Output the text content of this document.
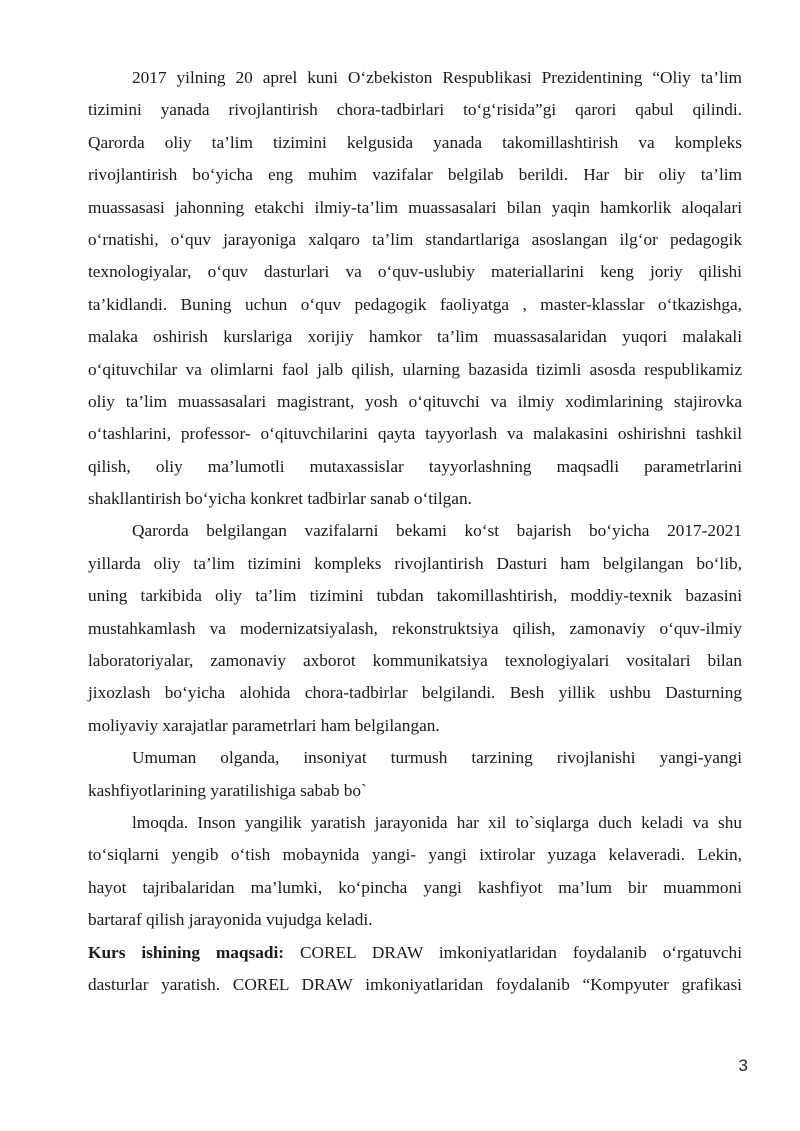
2017 yilning 20 aprel kuni O‘zbekiston Respublikasi Prezidentining “Oliy ta’lim
tizimini yanada rivojlantirish chora-tadbirlari to‘g‘risida”gi qarori qabul qilindi.
Qarorda oliy ta’lim tizimini kelgusida yanada takomillashtirish va kompleks
rivojlantirish bo‘yicha eng muhim vazifalar belgilab berildi. Har bir oliy ta’lim
muassasasi jahonning etakchi ilmiy-ta’lim muassasalari bilan yaqin hamkorlik aloqalari
o‘rnatishi, o‘quv jarayoniga xalqaro ta’lim standartlariga asoslangan ilg‘or pedagogik
texnologiyalar, o‘quv dasturlari va o‘quv-uslubiy materiallarini keng joriy qilishi
ta’kidlandi. Buning uchun o‘quv pedagogik faoliyatga , master-klasslar o‘tkazishga,
malaka oshirish kurslariga xorijiy hamkor ta’lim muassasalaridan yuqori malakali
o‘qituvchilar va olimlarni faol jalb qilish, ularning bazasida tizimli asosda respublikamiz
oliy ta’lim muassasalari magistrant, yosh o‘qituvchi va ilmiy xodimlarining stajirovka
o‘tashlarini, professor- o‘qituvchilarini qayta tayyorlash va malakasini oshirishni tashkil
qilish, oliy ma’lumotli mutaxassislar tayyorlashning maqsadli parametrlarini
shakllantirish bo‘yicha konkret tadbirlar sanab o‘tilgan.
Qarorda belgilangan vazifalarni bekami ko‘st bajarish bo‘yicha 2017-2021
yillarda oliy ta’lim tizimini kompleks rivojlantirish Dasturi ham belgilangan bo‘lib,
uning tarkibida oliy ta’lim tizimini tubdan takomillashtirish, moddiy-texnik bazasini
mustahkamlash va modernizatsiyalash, rekonstruktsiya qilish, zamonaviy o‘quv-ilmiy
laboratoriyalar, zamonaviy axborot kommunikatsiya texnologiyalari vositalari bilan
jixozlash bo‘yicha alohida chora-tadbirlar belgilandi. Besh yillik ushbu Dasturning
moliyaviy xarajatlar parametrlari ham belgilangan.
Umuman olganda, insoniyat turmush tarzining rivojlanishi yangi-yangi
kashfiyotlarining yaratilishiga sabab bo`
lmoqda. Inson yangilik yaratish jarayonida har xil to`siqlarga duch keladi va shu
to‘siqlarni yengib o‘tish mobaynida yangi- yangi ixtirolar yuzaga kelaveradi. Lekin,
hayot tajribalaridan ma’lumki, ko‘pincha yangi kashfiyot ma’lum bir muammoni
bartaraf qilish jarayonida vujudga keladi.
Kurs ishining maqsadi: COREL DRAW imkoniyatlaridan foydalanib o‘rgatuvchi
dasturlar yaratish. COREL DRAW imkoniyatlaridan foydalanib “Kompyuter grafikasi
3
